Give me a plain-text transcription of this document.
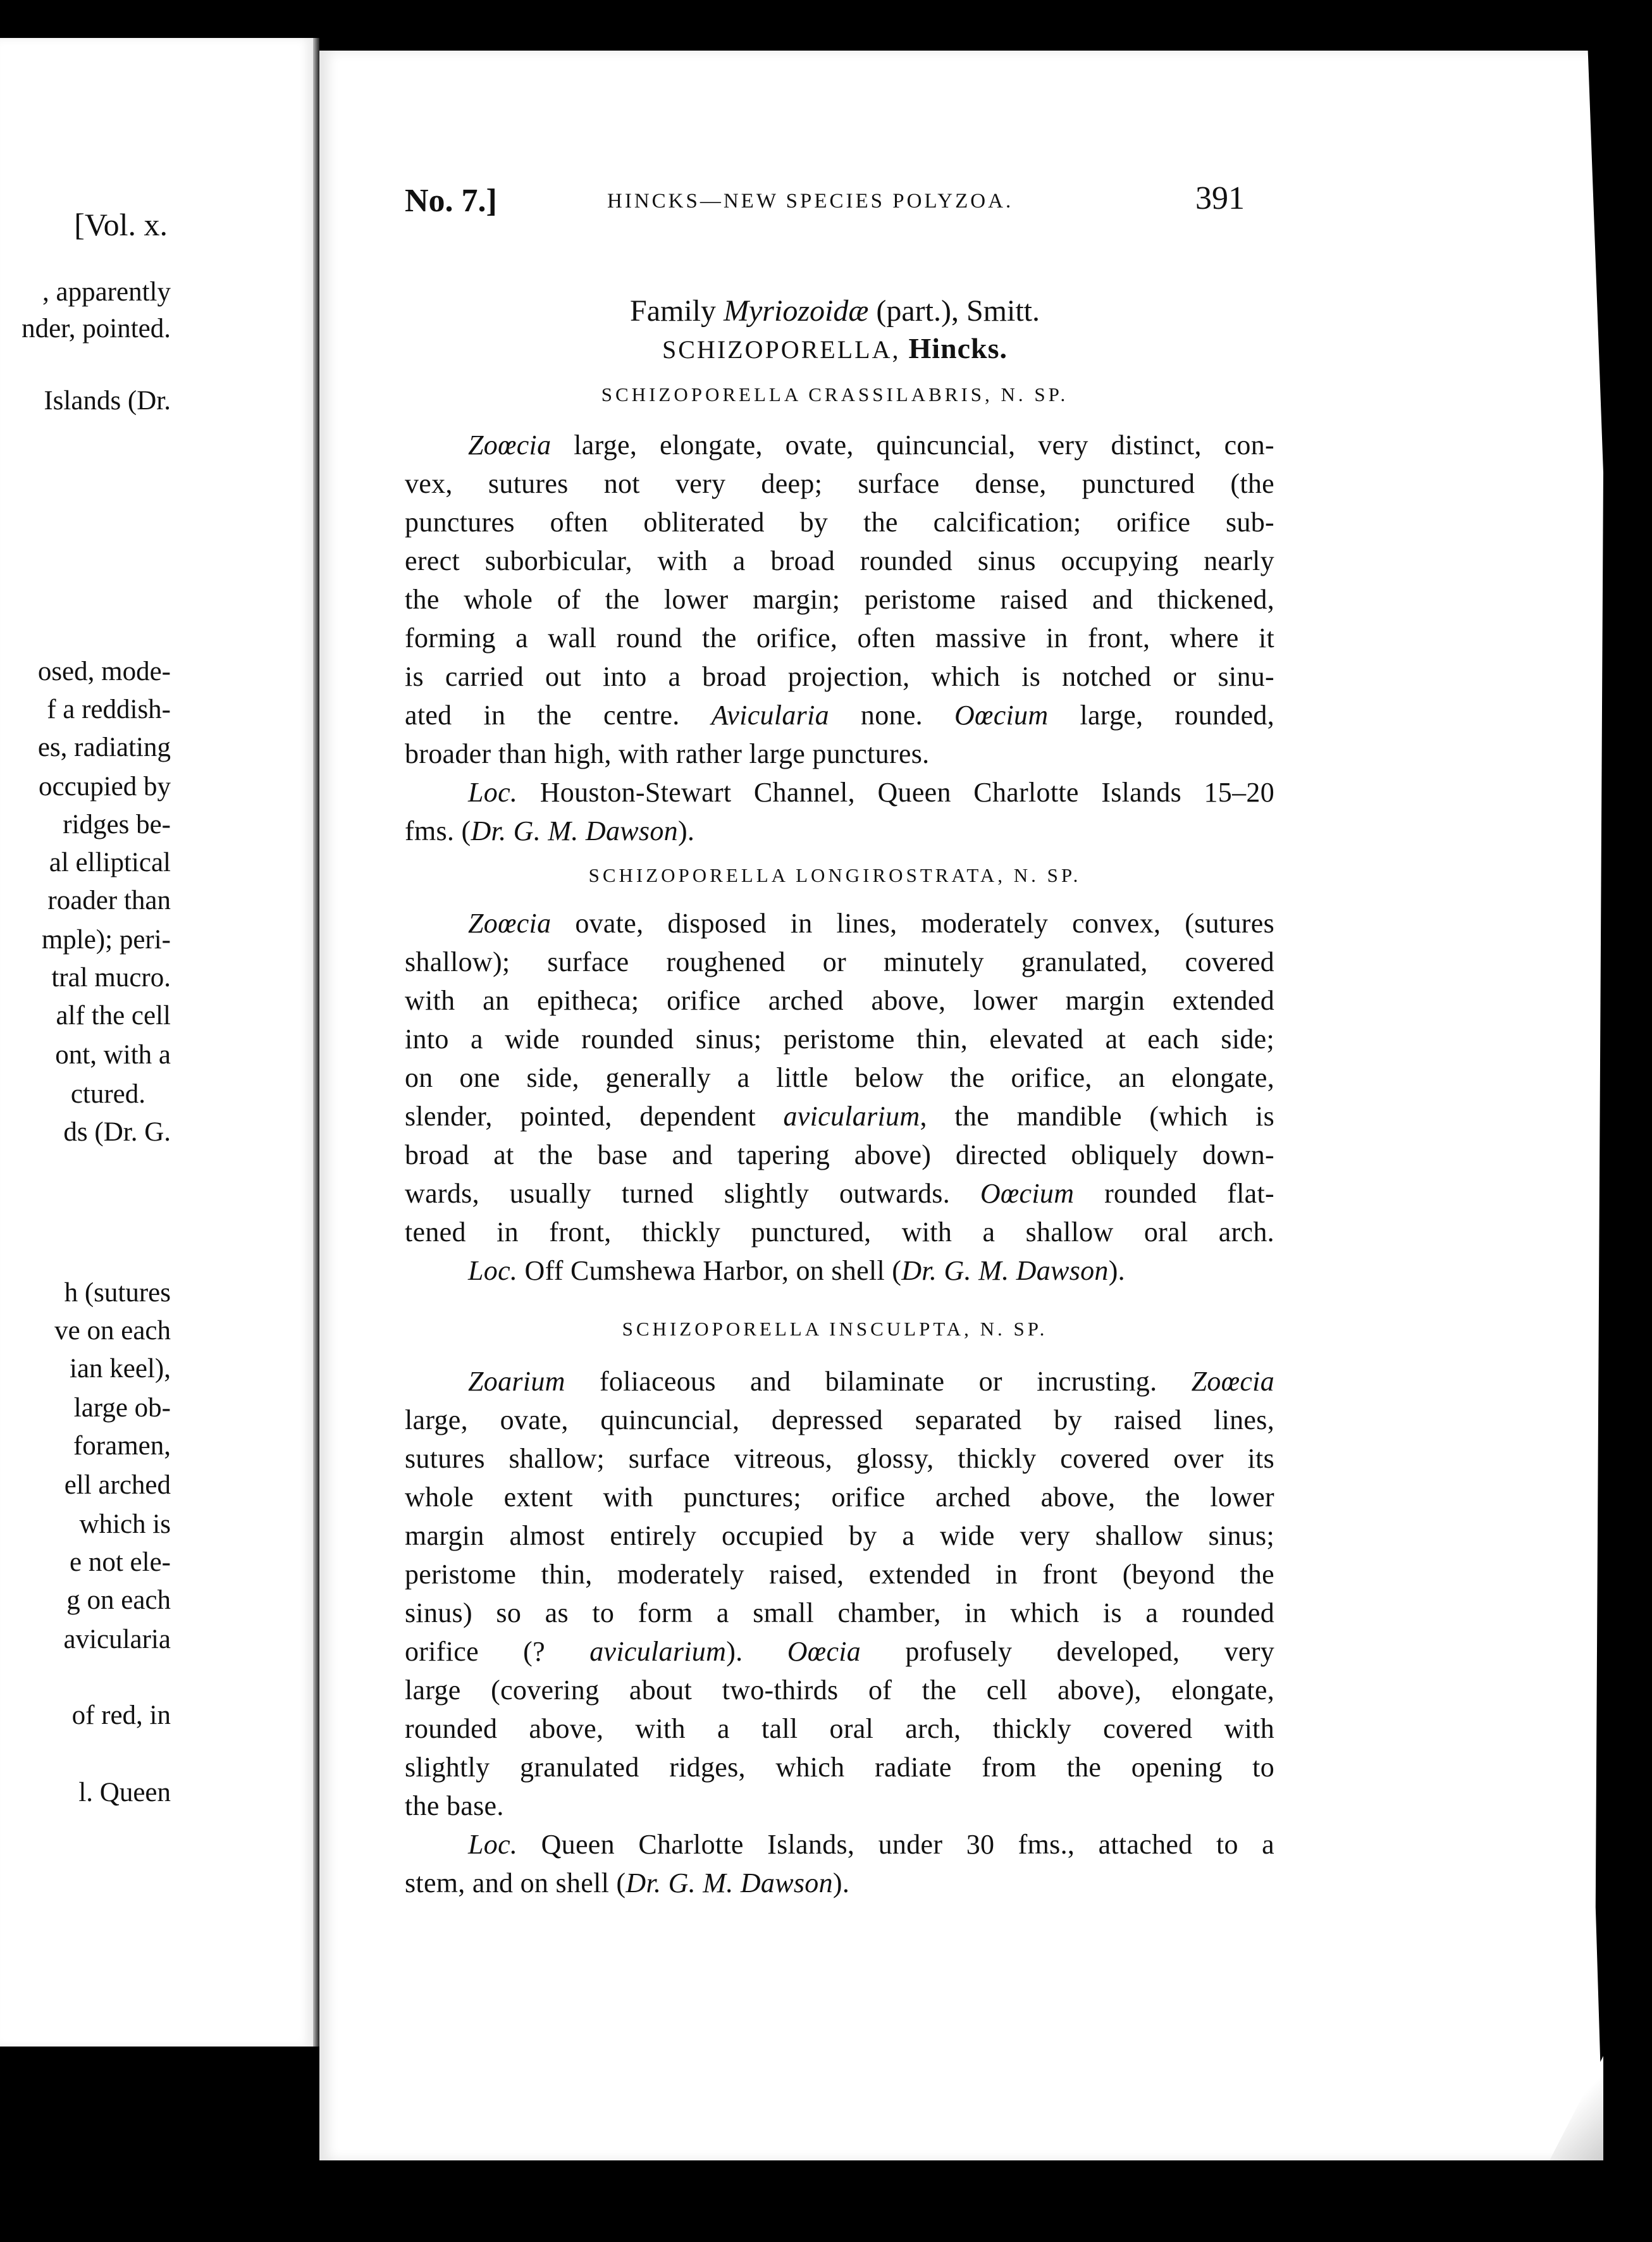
[Vol. x.
, apparently
nder, pointed.
Islands (Dr.
osed, mode-
f a reddish-
es, radiating
occupied by
ridges be-
al elliptical
roader than
mple); peri-
tral mucro.
alf the cell
ont, with a
ctured.
ds (Dr. G.
h (sutures
ve on each
ian keel),
large ob-
foramen,
ell arched
which is
e not ele-
g on each
avicularia
of red, in
l. Queen
No. 7.]	HINCKS—NEW SPECIES POLYZOA.	391
Family Myriozoidæ (part.), Smitt.
SCHIZOPORELLA, Hincks.
SCHIZOPORELLA CRASSILABRIS, N. SP.
SCHIZOPORELLA LONGIROSTRATA, N. SP.
SCHIZOPORELLA INSCULPTA, N. SP.
Zoœcia large, elongate, ovate, quincuncial, very distinct, con-
vex, sutures not very deep; surface dense, punctured (the
punctures often obliterated by the calcification; orifice sub-
erect suborbicular, with a broad rounded sinus occupying nearly
the whole of the lower margin; peristome raised and thickened,
forming a wall round the orifice, often massive in front, where it
is carried out into a broad projection, which is notched or sinu-
ated in the centre. Avicularia none. Oœcium large, rounded,
broader than high, with rather large punctures.
Loc. Houston-Stewart Channel, Queen Charlotte Islands 15–20
fms. (Dr. G. M. Dawson).
Zoœcia ovate, disposed in lines, moderately convex, (sutures
shallow); surface roughened or minutely granulated, covered
with an epitheca; orifice arched above, lower margin extended
into a wide rounded sinus; peristome thin, elevated at each side;
on one side, generally a little below the orifice, an elongate,
slender, pointed, dependent avicularium, the mandible (which is
broad at the base and tapering above) directed obliquely down-
wards, usually turned slightly outwards. Oœcium rounded flat-
tened in front, thickly punctured, with a shallow oral arch.
Loc. Off Cumshewa Harbor, on shell (Dr. G. M. Dawson).
Zoarium foliaceous and bilaminate or incrusting. Zoœcia
large, ovate, quincuncial, depressed separated by raised lines,
sutures shallow; surface vitreous, glossy, thickly covered over its
whole extent with punctures; orifice arched above, the lower
margin almost entirely occupied by a wide very shallow sinus;
peristome thin, moderately raised, extended in front (beyond the
sinus) so as to form a small chamber, in which is a rounded
orifice (? avicularium). Oœcia profusely developed, very
large (covering about two-thirds of the cell above), elongate,
rounded above, with a tall oral arch, thickly covered with
slightly granulated ridges, which radiate from the opening to
the base.
Loc. Queen Charlotte Islands, under 30 fms., attached to a
stem, and on shell (Dr. G. M. Dawson).
